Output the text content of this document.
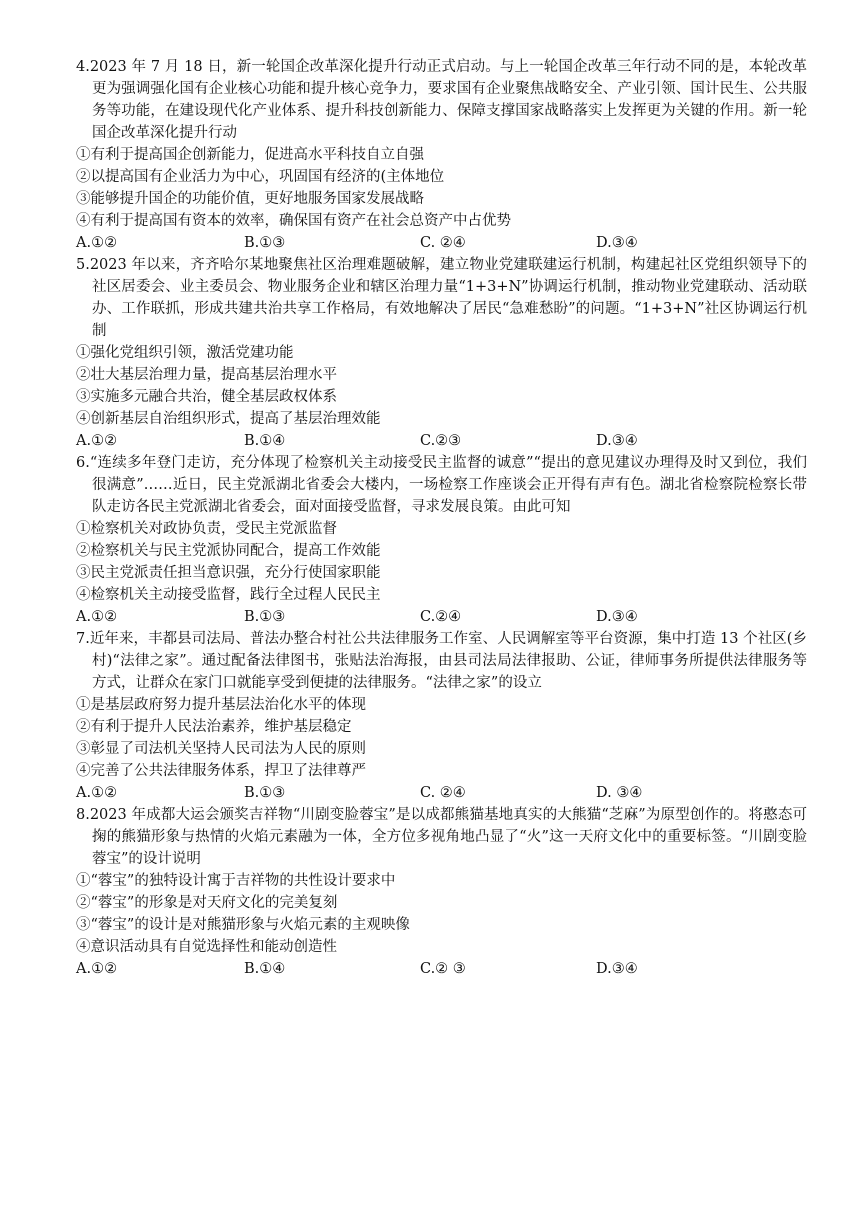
4.2023 年 7 月 18 日，新一轮国企改革深化提升行动正式启动。与上一轮国企改革三年行动不同的是，本轮改革更为强调强化国有企业核心功能和提升核心竞争力，要求国有企业聚焦战略安全、产业引领、国计民生、公共服务等功能，在建设现代化产业体系、提升科技创新能力、保障支撑国家战略落实上发挥更为关键的作用。新一轮国企改革深化提升行动

①有利于提高国企创新能力，促进高水平科技自立自强

②以提高国有企业活力为中心，巩固国有经济的(主体地位

③能够提升国企的功能价值，更好地服务国家发展战略

④有利于提高国有资本的效率，确保国有资产在社会总资产中占优势

A.①②	B.①③	C. ②④	D.③④

5.2023 年以来，齐齐哈尔某地聚焦社区治理难题破解，建立物业党建联建运行机制，构建起社区党组织领导下的社区居委会、业主委员会、物业服务企业和辖区治理力量“1+3+N”协调运行机制，推动物业党建联动、活动联办、工作联抓，形成共建共治共享工作格局，有效地解决了居民“急难愁盼”的问题。“1+3+N”社区协调运行机制

①强化党组织引领，激活党建功能

②壮大基层治理力量，提高基层治理水平

③实施多元融合共治，健全基层政权体系

④创新基层自治组织形式，提高了基层治理效能

A.①②	B.①④	C.②③	D.③④

6.“连续多年登门走访，充分体现了检察机关主动接受民主监督的诚意”“提出的意见建议办理得及时又到位，我们很满意”……近日，民主党派湖北省委会大楼内，一场检察工作座谈会正开得有声有色。湖北省检察院检察长带队走访各民主党派湖北省委会，面对面接受监督，寻求发展良策。由此可知

①检察机关对政协负责，受民主党派监督

②检察机关与民主党派协同配合，提高工作效能

③民主党派责任担当意识强，充分行使国家职能

④检察机关主动接受监督，践行全过程人民民主

A.①②	B.①③	C.②④	D.③④

7.近年来，丰都县司法局、普法办整合村社公共法律服务工作室、人民调解室等平台资源，集中打造 13 个社区(乡村)“法律之家”。通过配备法律图书，张贴法治海报，由县司法局法律报助、公证，律师事务所提供法律服务等方式，让群众在家门口就能享受到便捷的法律服务。“法律之家”的设立

①是基层政府努力提升基层法治化水平的体现

②有利于提升人民法治素养，维护基层稳定

③彰显了司法机关坚持人民司法为人民的原则

④完善了公共法律服务体系，捍卫了法律尊严

A.①②	B.①③	C. ②④	D. ③④

8.2023 年成都大运会颁奖吉祥物“川剧变脸蓉宝”是以成都熊猫基地真实的大熊猫“芝麻”为原型创作的。将憨态可掬的熊猫形象与热情的火焰元素融为一体，全方位多视角地凸显了“火”这一天府文化中的重要标签。“川剧变脸蓉宝”的设计说明

①“蓉宝”的独特设计寓于吉祥物的共性设计要求中

②“蓉宝”的形象是对天府文化的完美复刻

③“蓉宝”的设计是对熊猫形象与火焰元素的主观映像

④意识活动具有自觉选择性和能动创造性

A.①②	B.①④	C.② ③	D.③④
